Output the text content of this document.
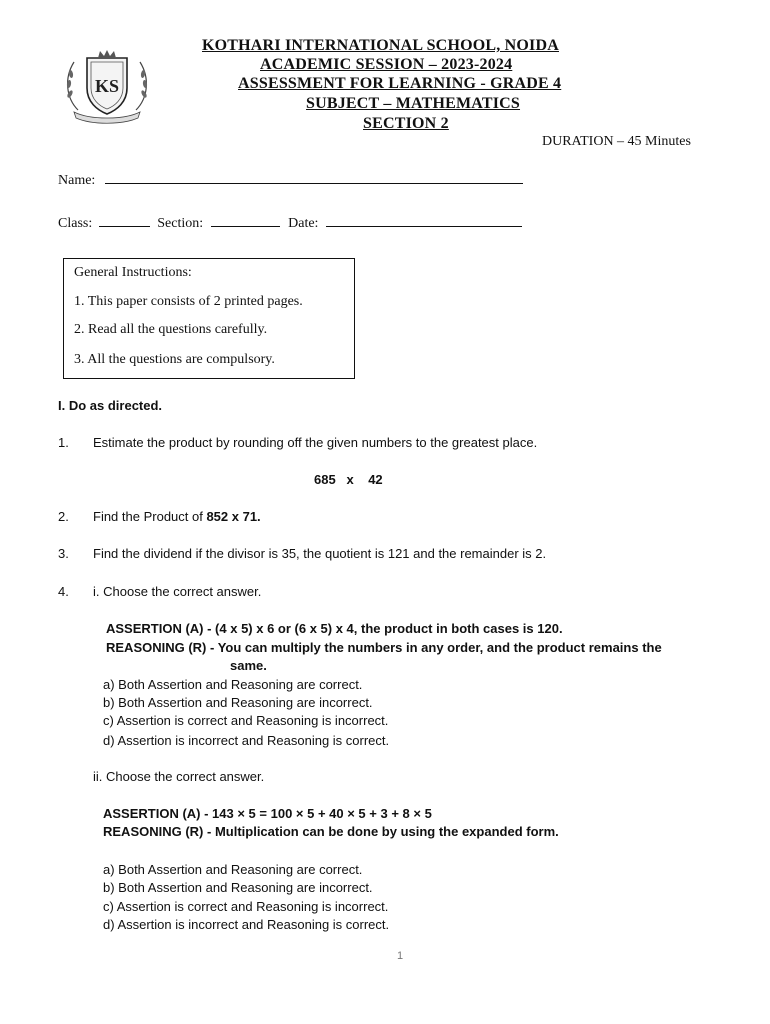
KS
KOTHARI INTERNATIONAL SCHOOL, NOIDA
ACADEMIC SESSION – 2023-2024
ASSESSMENT FOR LEARNING - GRADE 4
SUBJECT – MATHEMATICS
SECTION 2
DURATION – 45 Minutes
Name:
Class:	Section:	Date:
General Instructions:
1. This paper consists of 2 printed pages.
2. Read all the questions carefully.
3. All the questions are compulsory.
I. Do as directed.
1. Estimate the product by rounding off the given numbers to the greatest place.
685   x    42
2. Find the Product of 852 x 71.
3. Find the dividend if the divisor is 35, the quotient is 121 and the remainder is 2.
4. i. Choose the correct answer.
ASSERTION (A) - (4 x 5) x 6 or (6 x 5) x 4, the product in both cases is 120.
REASONING (R) - You can multiply the numbers in any order, and the product remains the
same.
a) Both Assertion and Reasoning are correct.
b) Both Assertion and Reasoning are incorrect.
c) Assertion is correct and Reasoning is incorrect.
d) Assertion is incorrect and Reasoning is correct.
ii. Choose the correct answer.
ASSERTION (A) - 143 × 5 = 100 × 5 + 40 × 5 + 3 + 8 × 5
REASONING (R) - Multiplication can be done by using the expanded form.
a) Both Assertion and Reasoning are correct.
b) Both Assertion and Reasoning are incorrect.
c) Assertion is correct and Reasoning is incorrect.
d) Assertion is incorrect and Reasoning is correct.
1
